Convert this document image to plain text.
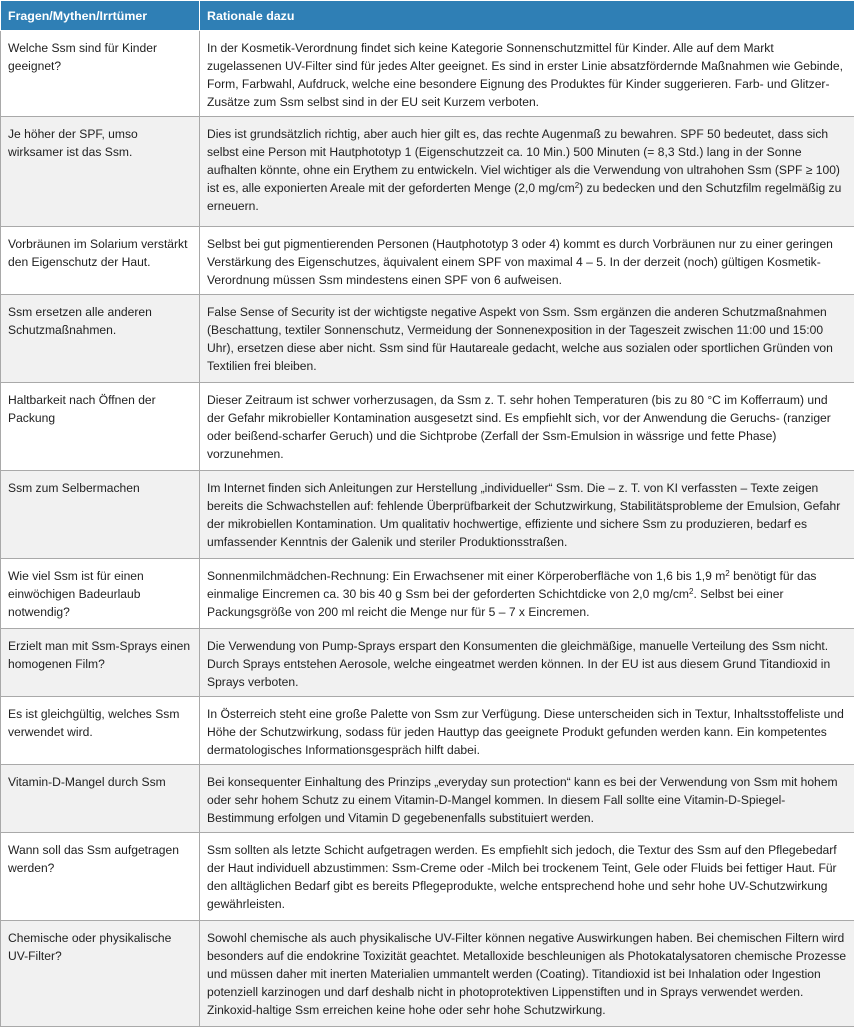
Fragen/Mythen/Irrtümer	Rationale dazu
Welche Ssm sind für Kinder geeignet?	In der Kosmetik-Verordnung findet sich keine Kategorie Sonnenschutzmittel für Kinder. Alle auf dem Markt zugelassenen UV-Filter sind für jedes Alter geeignet. Es sind in erster Linie absatzfördernde Maßnahmen wie Gebinde, Form, Farbwahl, Aufdruck, welche eine besondere Eignung des Produktes für Kinder suggerieren. Farb- und Glitzer-Zusätze zum Ssm selbst sind in der EU seit Kurzem verboten.
Je höher der SPF, umso wirksamer ist das Ssm.	Dies ist grundsätzlich richtig, aber auch hier gilt es, das rechte Augenmaß zu bewahren. SPF 50 bedeutet, dass sich selbst eine Person mit Hautphototyp 1 (Eigenschutzzeit ca. 10 Min.) 500 Minuten (= 8,3 Std.) lang in der Sonne aufhalten könnte, ohne ein Erythem zu entwickeln. Viel wichtiger als die Verwendung von ultrahohen Ssm (SPF ≥ 100) ist es, alle exponierten Areale mit der geforderten Menge (2,0 $mg/cm^2$) zu bedecken und den Schutzfilm regelmäßig zu erneuern.
Vorbräunen im Solarium verstärkt den Eigenschutz der Haut.	Selbst bei gut pigmentierenden Personen (Hautphototyp 3 oder 4) kommt es durch Vorbräunen nur zu einer geringen Verstärkung des Eigenschutzes, äquivalent einem SPF von maximal 4 – 5. In der derzeit (noch) gültigen Kosmetik-Verordnung müssen Ssm mindestens einen SPF von 6 aufweisen.
Ssm ersetzen alle anderen Schutzmaßnahmen.	False Sense of Security ist der wichtigste negative Aspekt von Ssm. Ssm ergänzen die anderen Schutzmaßnahmen (Beschattung, textiler Sonnenschutz, Vermeidung der Sonnenexposition in der Tageszeit zwischen 11:00 und 15:00 Uhr), ersetzen diese aber nicht. Ssm sind für Hautareale gedacht, welche aus sozialen oder sportlichen Gründen von Textilien frei bleiben.
Haltbarkeit nach Öffnen der Packung	Dieser Zeitraum ist schwer vorherzusagen, da Ssm z. T. sehr hohen Temperaturen (bis zu 80 °C im Kofferraum) und der Gefahr mikrobieller Kontamination ausgesetzt sind. Es empfiehlt sich, vor der Anwendung die Geruchs- (ranziger oder beißend-scharfer Geruch) und die Sichtprobe (Zerfall der Ssm-Emulsion in wässrige und fette Phase) vorzunehmen.
Ssm zum Selbermachen	Im Internet finden sich Anleitungen zur Herstellung „individueller“ Ssm. Die – z. T. von KI verfassten – Texte zeigen bereits die Schwachstellen auf: fehlende Überprüfbarkeit der Schutzwirkung, Stabilitätsprobleme der Emulsion, Gefahr der mikrobiellen Kontamination. Um qualitativ hochwertige, effiziente und sichere Ssm zu produzieren, bedarf es umfassender Kenntnis der Galenik und steriler Produktionsstraßen.
Wie viel Ssm ist für einen einwöchigen Badeurlaub notwendig?	Sonnenmilchmädchen-Rechnung: Ein Erwachsener mit einer Körperoberfläche von 1,6 bis 1,9 $m^2$ benötigt für das einmalige Eincremen ca. 30 bis 40 g Ssm bei der geforderten Schichtdicke von 2,0 $mg/cm^2$. Selbst bei einer Packungsgröße von 200 ml reicht die Menge nur für 5 – 7 x Eincremen.
Erzielt man mit Ssm-Sprays einen homogenen Film?	Die Verwendung von Pump-Sprays erspart den Konsumenten die gleichmäßige, manuelle Verteilung des Ssm nicht. Durch Sprays entstehen Aerosole, welche eingeatmet werden können. In der EU ist aus diesem Grund Titandioxid in Sprays verboten.
Es ist gleichgültig, welches Ssm verwendet wird.	In Österreich steht eine große Palette von Ssm zur Verfügung. Diese unterscheiden sich in Textur, Inhaltsstoffeliste und Höhe der Schutzwirkung, sodass für jeden Hauttyp das geeignete Produkt gefunden werden kann. Ein kompetentes dermatologisches Informationsgespräch hilft dabei.
Vitamin-D-Mangel durch Ssm	Bei konsequenter Einhaltung des Prinzips „everyday sun protection“ kann es bei der Verwendung von Ssm mit hohem oder sehr hohem Schutz zu einem Vitamin-D-Mangel kommen. In diesem Fall sollte eine Vitamin-D-Spiegel-Bestimmung erfolgen und Vitamin D gegebenenfalls substituiert werden.
Wann soll das Ssm aufgetragen werden?	Ssm sollten als letzte Schicht aufgetragen werden. Es empfiehlt sich jedoch, die Textur des Ssm auf den Pflegebedarf der Haut individuell abzustimmen: Ssm-Creme oder -Milch bei trockenem Teint, Gele oder Fluids bei fettiger Haut. Für den alltäglichen Bedarf gibt es bereits Pflegeprodukte, welche entsprechend hohe und sehr hohe UV-Schutzwirkung gewährleisten.
Chemische oder physikalische UV-Filter?	Sowohl chemische als auch physikalische UV-Filter können negative Auswirkungen haben. Bei chemischen Filtern wird besonders auf die endokrine Toxizität geachtet. Metalloxide beschleunigen als Photokatalysatoren chemische Prozesse und müssen daher mit inerten Materialien ummantelt werden (Coating). Titandioxid ist bei Inhalation oder Ingestion potenziell karzinogen und darf deshalb nicht in photoprotektiven Lippenstiften und in Sprays verwendet werden. Zinkoxid-haltige Ssm erreichen keine hohe oder sehr hohe Schutzwirkung.
